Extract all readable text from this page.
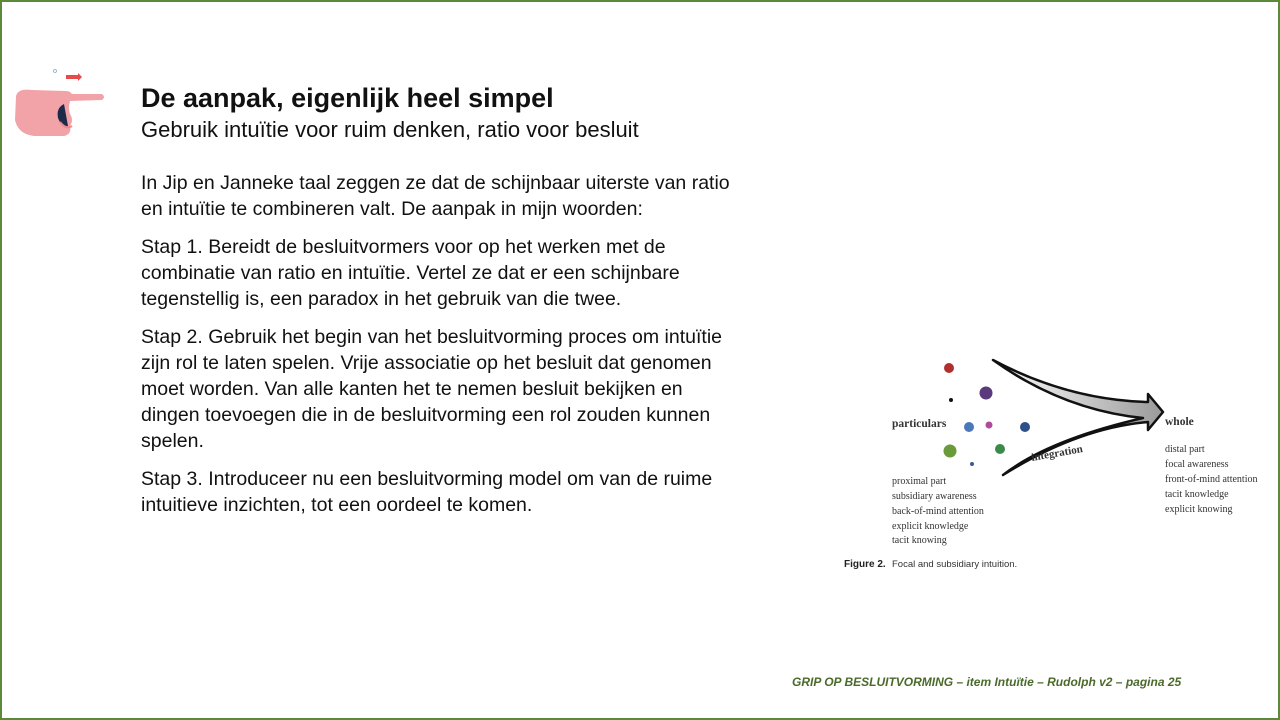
De aanpak, eigenlijk heel simpel
Gebruik intuïtie voor ruim denken, ratio voor besluit

In Jip en Janneke taal zeggen ze dat de schijnbaar uiterste van ratio en intuïtie te combineren valt. De aanpak in mijn woorden:

Stap 1. Bereidt de besluitvormers voor op het werken met de combinatie van ratio en intuïtie. Vertel ze dat er een schijnbare tegenstellig is, een paradox in het gebruik van die twee.

Stap 2. Gebruik het begin van het besluitvorming proces om intuïtie zijn rol te laten spelen. Vrije associatie op het besluit dat genomen moet worden. Van alle kanten het te nemen besluit bekijken en dingen toevoegen die in de besluitvorming een rol zouden kunnen spelen.

Stap 3. Introduceer nu een besluitvorming model om van de ruime intuitieve inzichten, tot een oordeel te komen.

particulars	whole
integration
proximal part
subsidiary awareness
back-of-mind attention
explicit knowledge
tacit knowing
distal part
focal awareness
front-of-mind attention
tacit knowledge
explicit knowing
Figure 2. Focal and subsidiary intuition.
GRIP OP BESLUITVORMING – item Intuïtie – Rudolph v2 – pagina 25
